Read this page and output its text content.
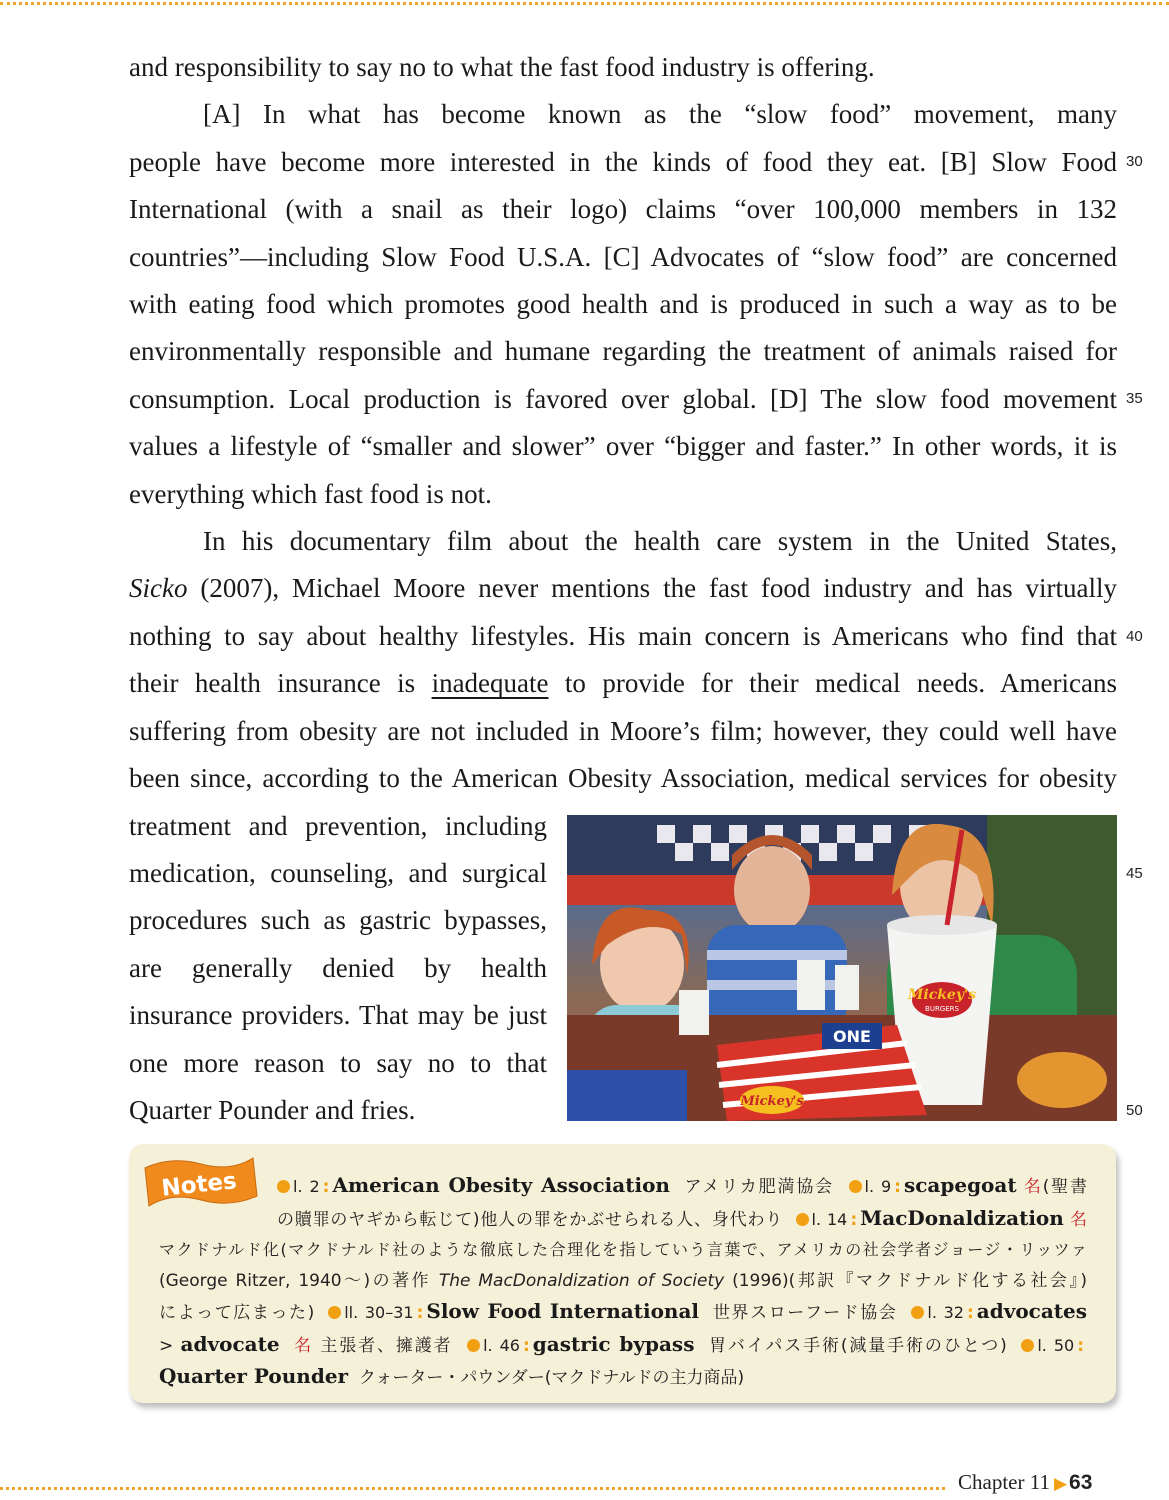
and responsibility to say no to what the fast food industry is offering.

[A] In what has become known as the “slow food” movement, many
people have become more interested in the kinds of food they eat. [B] Slow Food
International (with a snail as their logo) claims “over 100,000 members in 132
countries”—including Slow Food U.S.A. [C] Advocates of “slow food” are concerned
with eating food which promotes good health and is produced in such a way as to be
environmentally responsible and humane regarding the treatment of animals raised for
consumption. Local production is favored over global. [D] The slow food movement
values a lifestyle of “smaller and slower” over “bigger and faster.” In other words, it is
everything which fast food is not.

In his documentary film about the health care system in the United States,
Sicko (2007), Michael Moore never mentions the fast food industry and has virtually
nothing to say about healthy lifestyles. His main concern is Americans who find that
their health insurance is inadequate to provide for their medical needs. Americans
suffering from obesity are not included in Moore’s film; however, they could well have
been since, according to the American Obesity Association, medical services for obesity
treatment and prevention, including
medication, counseling, and surgical
procedures such as gastric bypasses,
are generally denied by health
insurance providers. That may be just
one more reason to say no to that
Quarter Pounder and fries.

30
35
40
45
50
Mickey's
BURGERS
Mickey's
ONE
Notes	l. 2 : American Obesity Association アメリカ肥満協会 l. 9 : scapegoat 名(聖書

の贖罪のヤギから転じて)他人の罪をかぶせられる人、身代わり l. 14 : MacDonaldization 名

マクドナルド化(マクドナルド社のような徹底した合理化を指していう言葉で、アメリカの社会学者ジョージ・リッツァ

(George Ritzer, 1940〜)の著作 The MacDonaldization of Society (1996)(邦訳『マクドナルド化する社会』)

によって広まった) ll. 30–31 : Slow Food International 世界スローフード協会 l. 32 : advocates

> advocate 名 主張者、擁護者 l. 46 : gastric bypass 胃バイパス手術(減量手術のひとつ) l. 50 :

Quarter Pounder クォーター・パウンダー(マクドナルドの主力商品)

Chapter 11 ▶63
